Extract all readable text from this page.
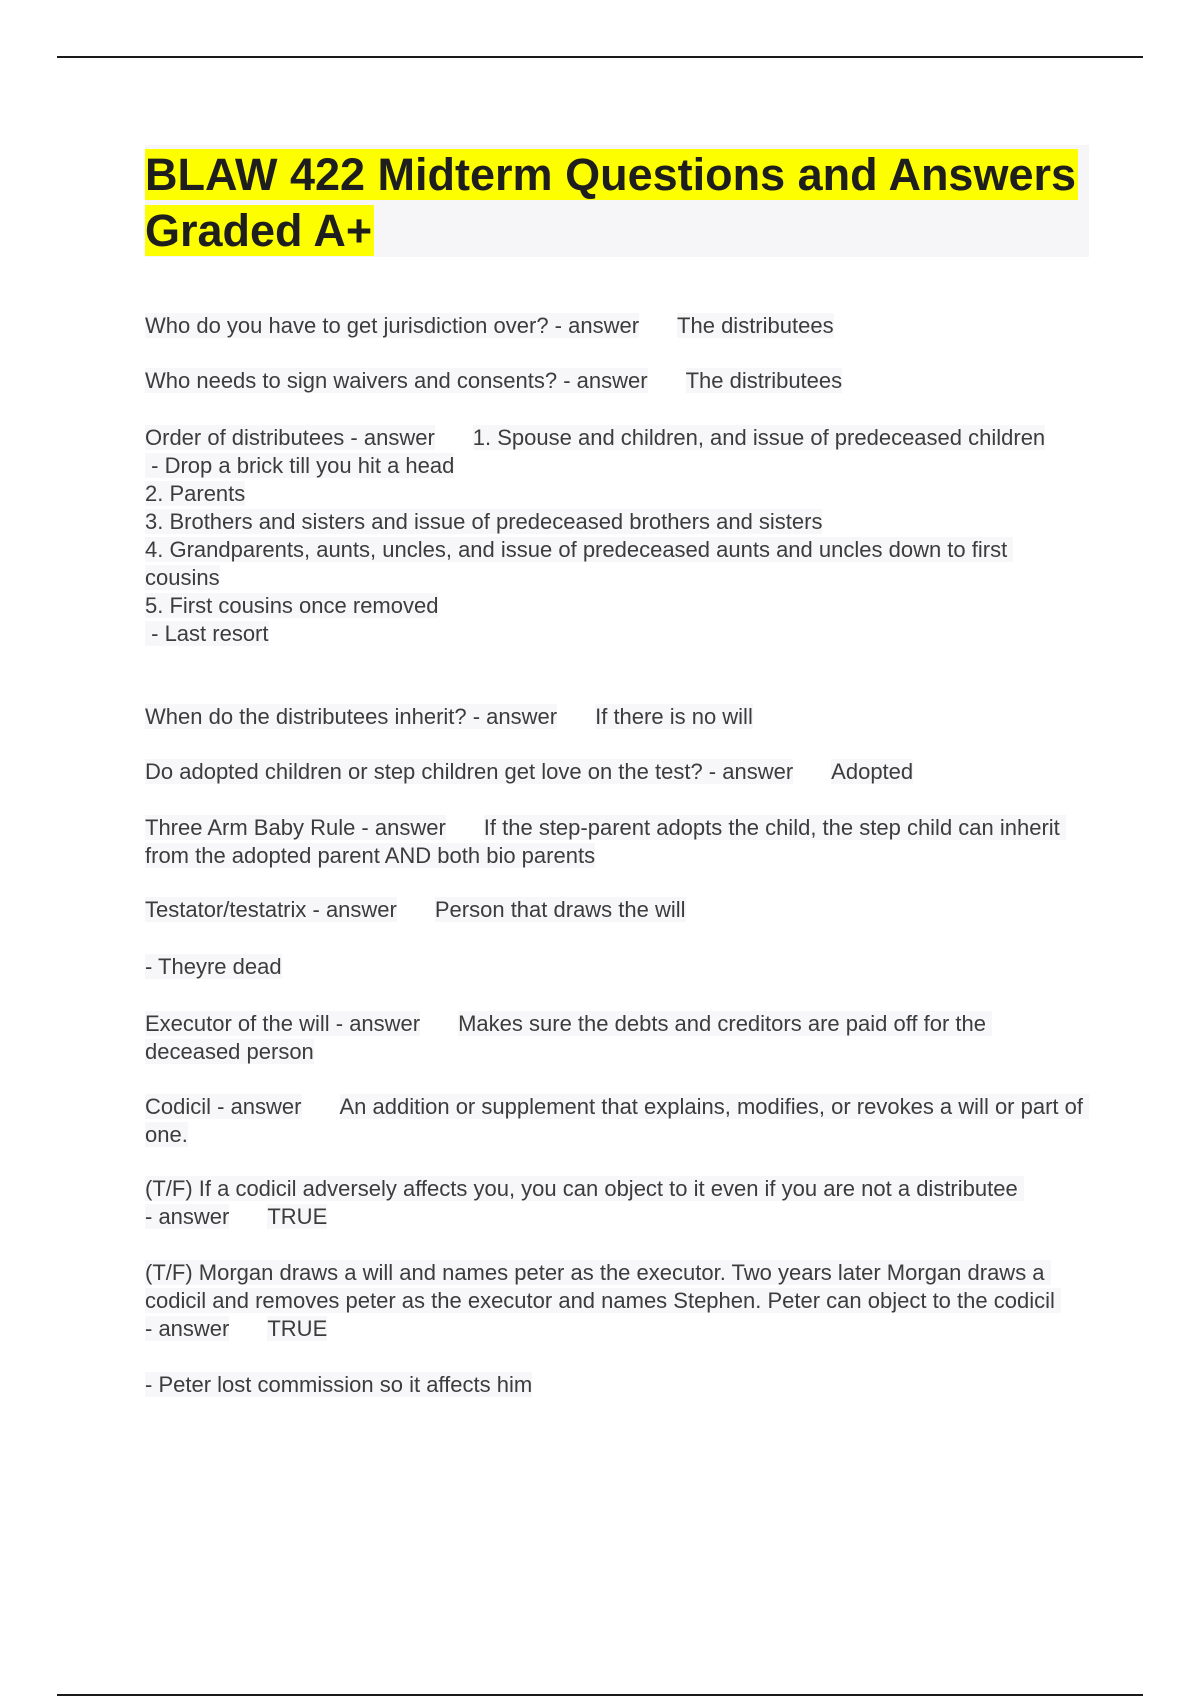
BLAW 422 Midterm Questions and Answers Graded A+

Who do you have to get jurisdiction over? - answer The distributees

Who needs to sign waivers and consents? - answer The distributees

Order of distributees - answer 1. Spouse and children, and issue of predeceased children
- Drop a brick till you hit a head
2. Parents
3. Brothers and sisters and issue of predeceased brothers and sisters
4. Grandparents, aunts, uncles, and issue of predeceased aunts and uncles down to first cousins
5. First cousins once removed
- Last resort

When do the distributees inherit? - answer If there is no will

Do adopted children or step children get love on the test? - answer Adopted

Three Arm Baby Rule - answer If the step-parent adopts the child, the step child can inherit from the adopted parent AND both bio parents

Testator/testatrix - answer Person that draws the will

- Theyre dead

Executor of the will - answer Makes sure the debts and creditors are paid off for the deceased person

Codicil - answer An addition or supplement that explains, modifies, or revokes a will or part of one.

(T/F) If a codicil adversely affects you, you can object to it even if you are not a distributee - answer TRUE

(T/F) Morgan draws a will and names peter as the executor. Two years later Morgan draws a codicil and removes peter as the executor and names Stephen. Peter can object to the codicil - answer TRUE

- Peter lost commission so it affects him
